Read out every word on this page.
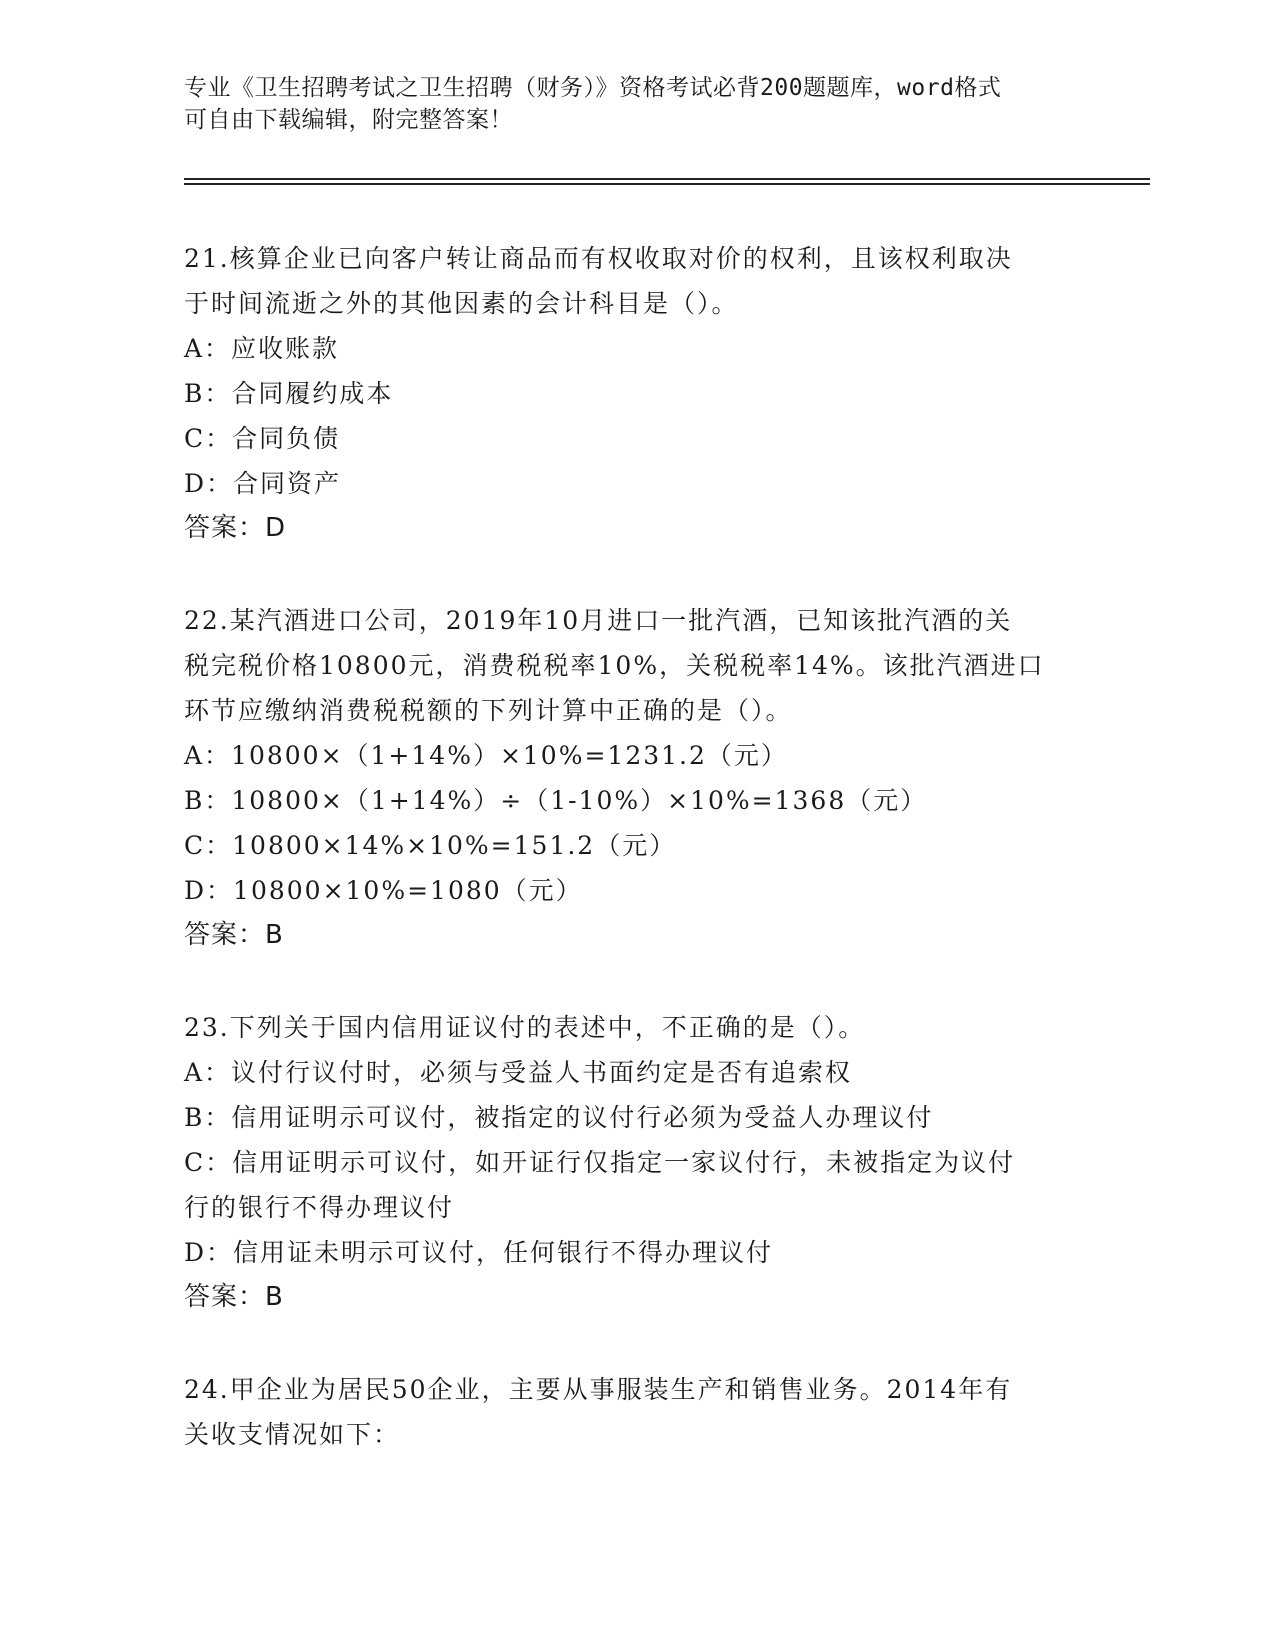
专业《卫生招聘考试之卫生招聘（财务）》资格考试必背200题题库，word格式
可自由下载编辑，附完整答案！
21.核算企业已向客户转让商品而有权收取对价的权利，且该权利取决
于时间流逝之外的其他因素的会计科目是（）。
A：应收账款
B：合同履约成本
C：合同负债
D：合同资产
答案：D
22.某汽酒进口公司，2019年10月进口一批汽酒，已知该批汽酒的关
税完税价格10800元，消费税税率10%，关税税率14%。该批汽酒进口
环节应缴纳消费税税额的下列计算中正确的是（）。
A：10800×（1+14%）×10%=1231.2（元）
B：10800×（1+14%）÷（1-10%）×10%=1368（元）
C：10800×14%×10%=151.2（元）
D：10800×10%=1080（元）
答案：B
23.下列关于国内信用证议付的表述中，不正确的是（）。
A：议付行议付时，必须与受益人书面约定是否有追索权
B：信用证明示可议付，被指定的议付行必须为受益人办理议付
C：信用证明示可议付，如开证行仅指定一家议付行，未被指定为议付
行的银行不得办理议付
D：信用证未明示可议付，任何银行不得办理议付
答案：B
24.甲企业为居民50企业，主要从事服装生产和销售业务。2014年有
关收支情况如下：
